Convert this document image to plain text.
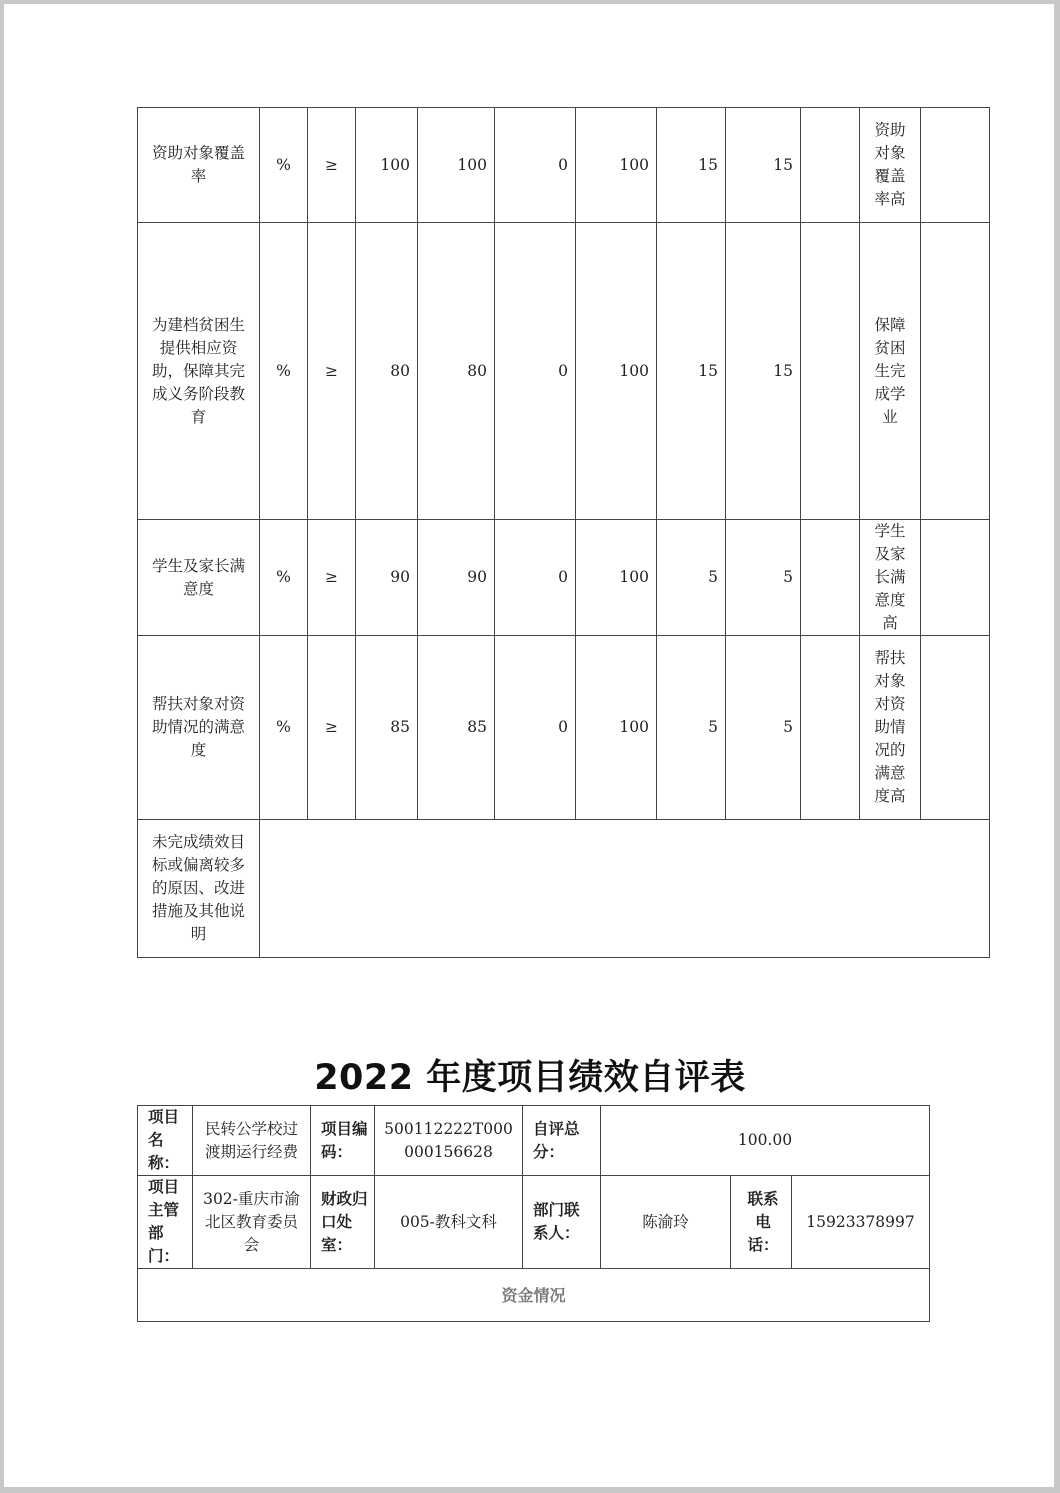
资助对象覆盖率	%	≥	100	100	0	100	15	15		资助对象覆盖率高	
为建档贫困生提供相应资助，保障其完成义务阶段教育	%	≥	80	80	0	100	15	15		保障贫困生完成学业	
学生及家长满意度	%	≥	90	90	0	100	5	5		学生及家长满意度高	
帮扶对象对资助情况的满意度	%	≥	85	85	0	100	5	5		帮扶对象对资助情况的满意度高	
未完成绩效目标或偏离较多的原因、改进措施及其他说明											
2022 年度项目绩效自评表
项目名称：	民转公学校过渡期运行经费	项目编码：	500112222T000000156628	自评总分：	100.00		
项目主管部门：	302-重庆市渝北区教育委员会	财政归口处室：	005-教科文科	部门联系人：	陈渝玲	联系电话：	15923378997
资金情况							
